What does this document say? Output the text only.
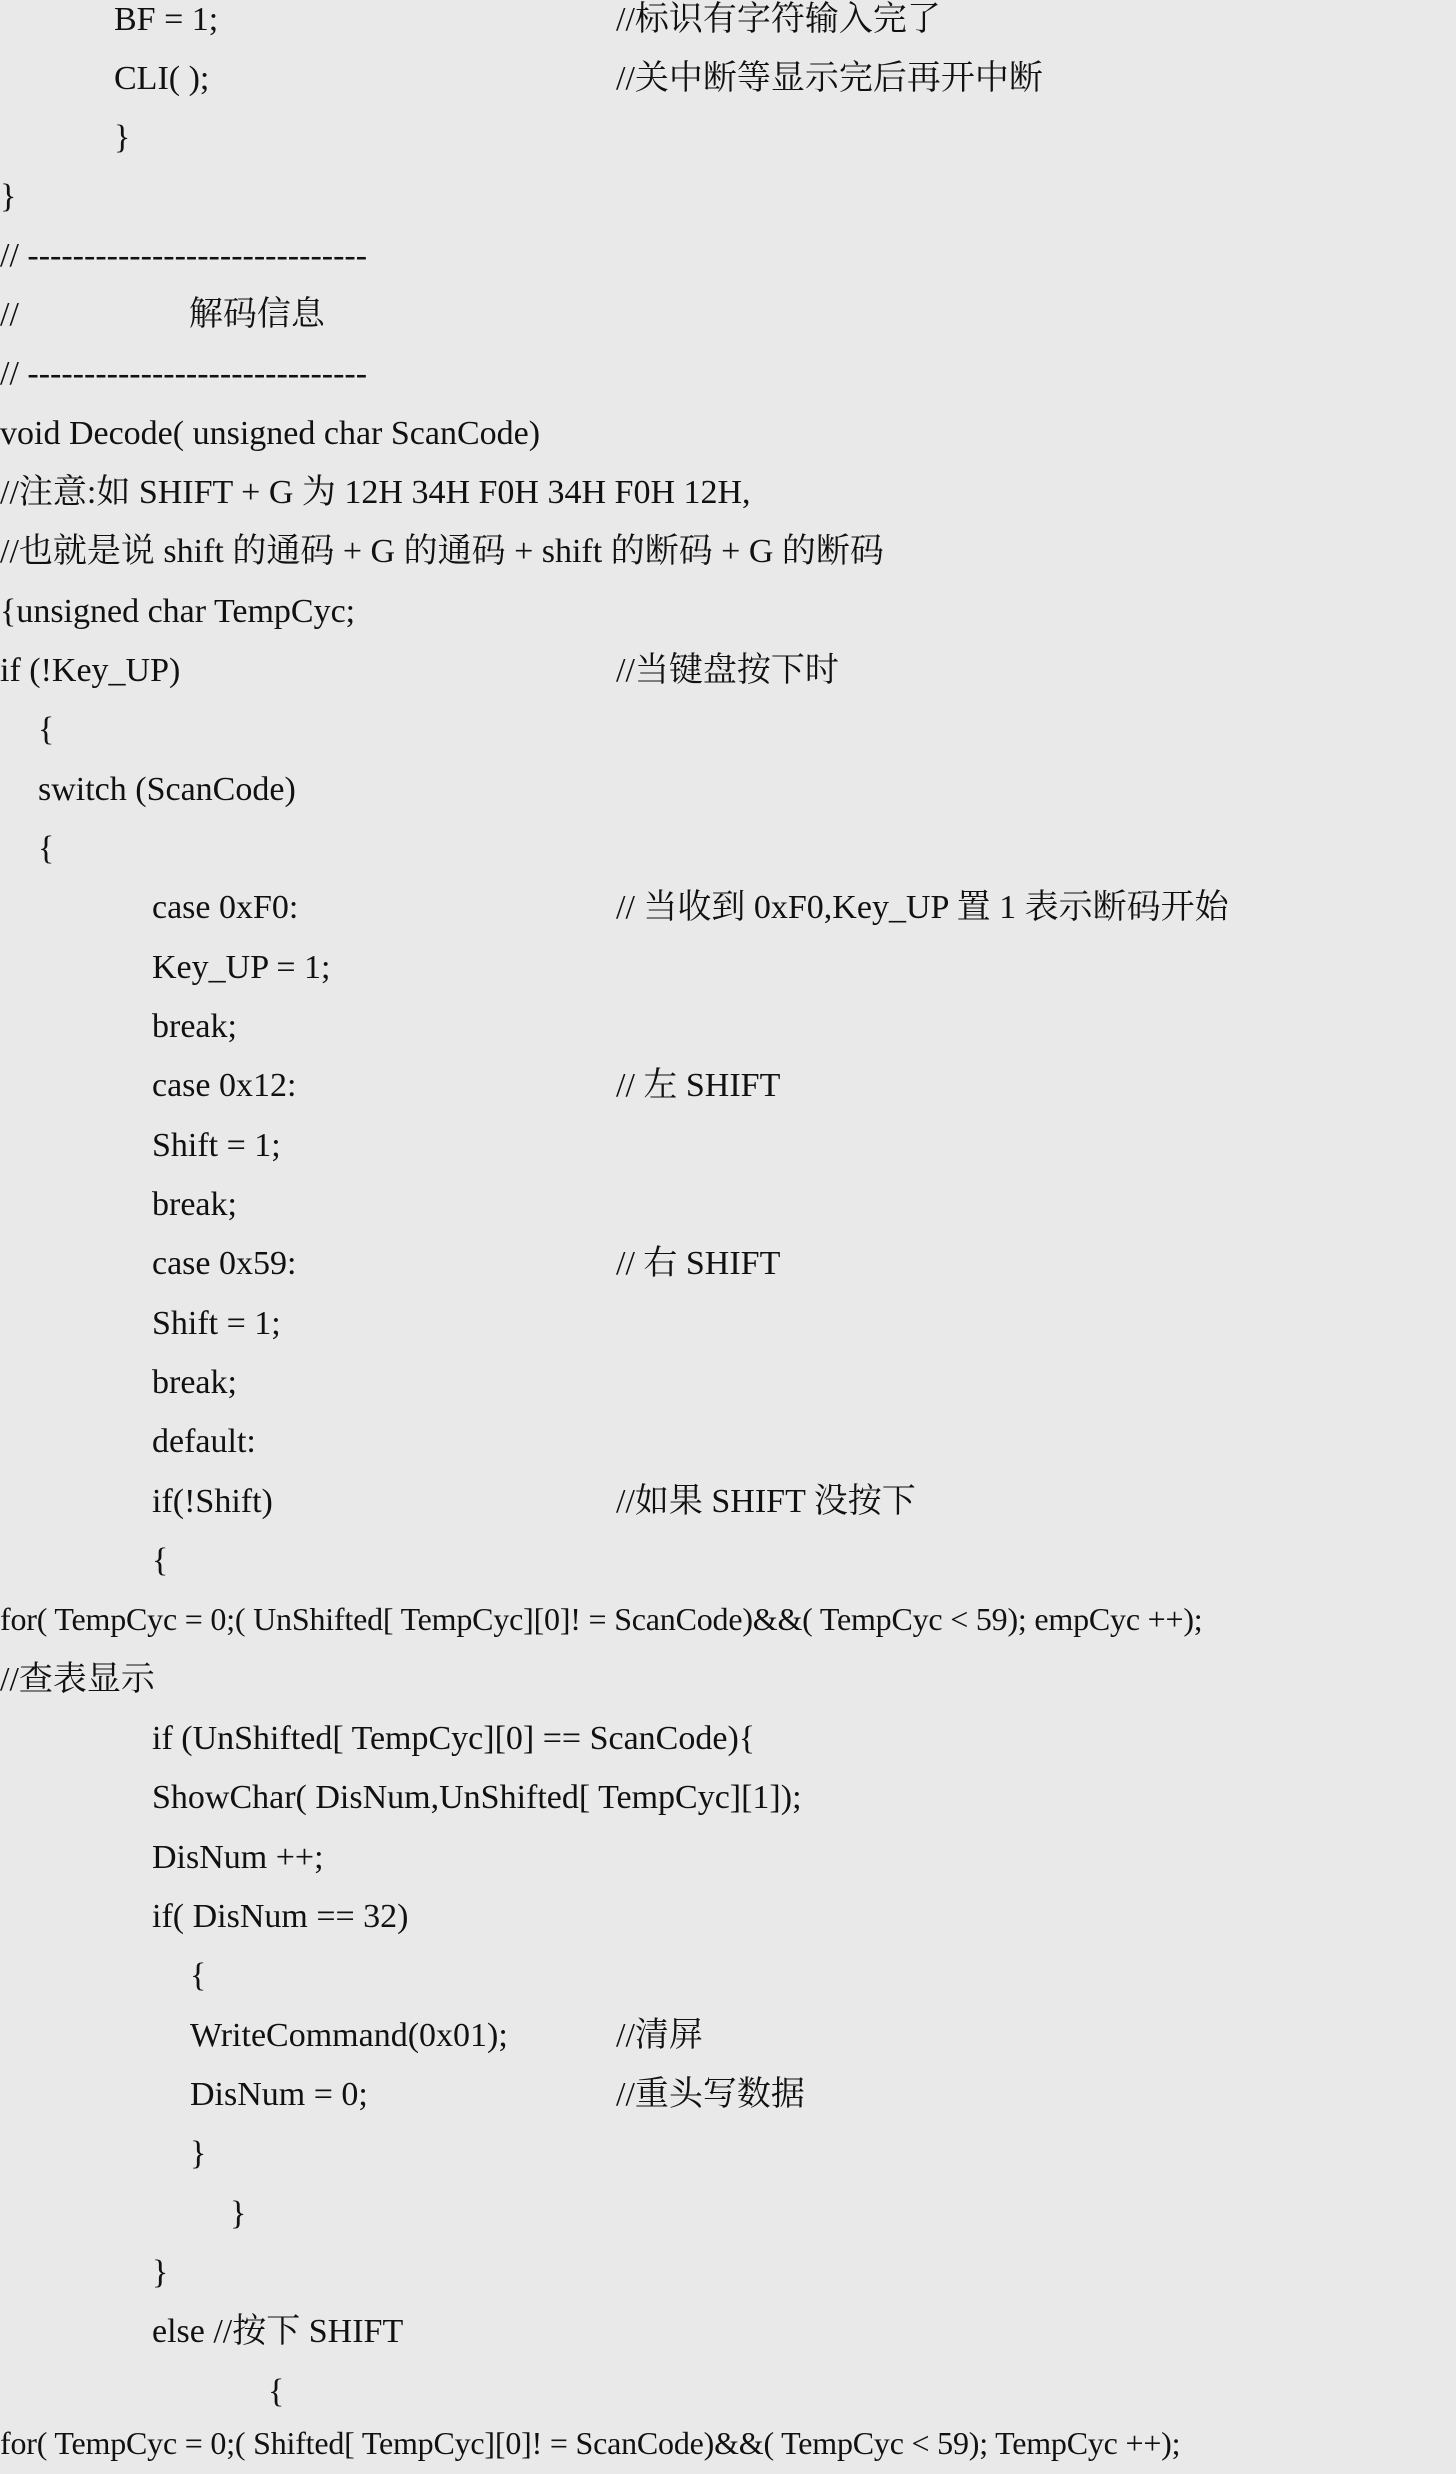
BF = 1;	//标识有字符输入完了
CLI( );	//关中断等显示完后再开中断
}
}
// ------------------------------
//                    解码信息
// ------------------------------
void Decode( unsigned char ScanCode)
//注意:如 SHIFT + G 为 12H 34H F0H 34H F0H 12H,
//也就是说 shift 的通码 + G 的通码 + shift 的断码 + G 的断码
{unsigned char TempCyc;
if (!Key_UP)	//当键盘按下时
{
switch (ScanCode)
{
case 0xF0:	// 当收到 0xF0,Key_UP 置 1 表示断码开始
Key_UP = 1;
break;
case 0x12:	// 左 SHIFT
Shift = 1;
break;
case 0x59:	// 右 SHIFT
Shift = 1;
break;
default:
if(!Shift)	//如果 SHIFT 没按下
{
for( TempCyc = 0;( UnShifted[ TempCyc][0]! = ScanCode)&&( TempCyc < 59); empCyc ++);
//查表显示
if (UnShifted[ TempCyc][0] == ScanCode){
ShowChar( DisNum,UnShifted[ TempCyc][1]);
DisNum ++;
if( DisNum == 32)
{
WriteCommand(0x01);	//清屏
DisNum = 0;	//重头写数据
}
}
}
else //按下 SHIFT
{
for( TempCyc = 0;( Shifted[ TempCyc][0]! = ScanCode)&&( TempCyc < 59); TempCyc ++);
